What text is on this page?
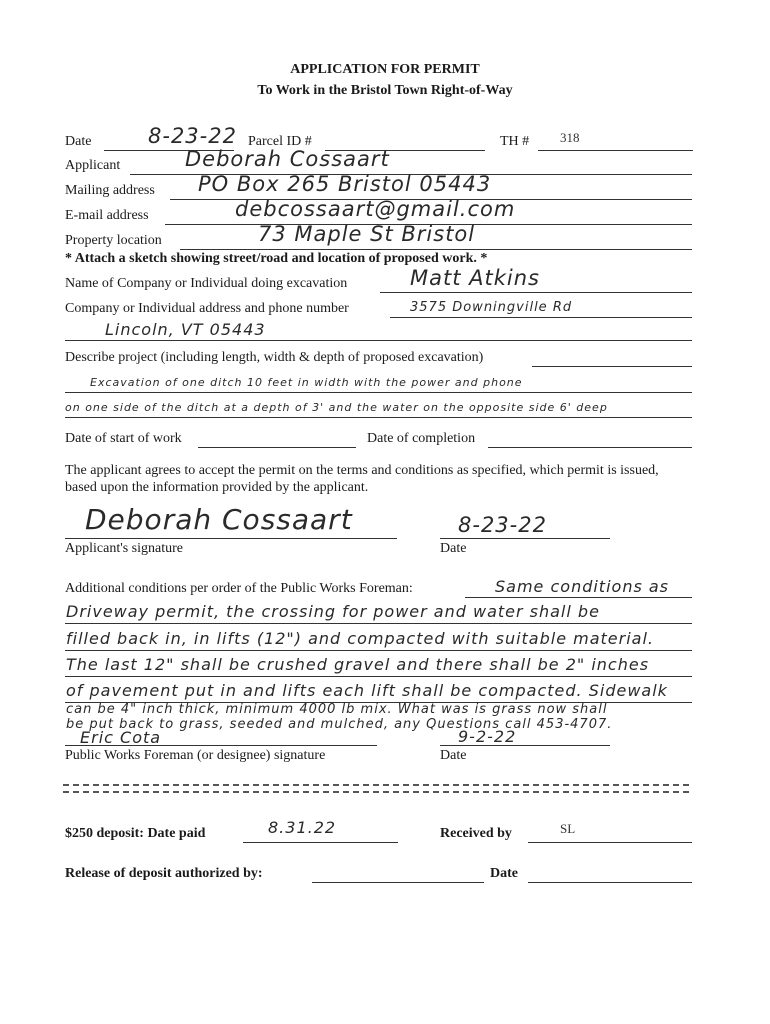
APPLICATION FOR PERMIT
To Work in the Bristol Town Right-of-Way
Date	8-23-22 Parcel ID #	TH # 318
Applicant	Deborah Cossaart
Mailing address PO Box 265 Bristol 05443
E-mail address	debcossaart@gmail.com
Property location	73 Maple St Bristol
* Attach a sketch showing street/road and location of proposed work. *
Name of Company or Individual doing excavation	Matt Atkins
Company or Individual address and phone number	3575 Downingville Rd
Lincoln, VT 05443
Describe project (including length, width & depth of proposed excavation)
Excavation of one ditch 10 feet in width with the power and phone
on one side of the ditch at a depth of 3' and the water on the opposite side 6' deep
Date of start of work	Date of completion
The applicant agrees to accept the permit on the terms and conditions as specified, which permit is issued, based upon the information provided by the applicant.
Deborah Cossaart
Applicant's signature
8-23-22
Date
Additional conditions per order of the Public Works Foreman:	Same conditions as
Driveway permit, the crossing for power and water shall be
filled back in, in lifts (12") and compacted with suitable material.
The last 12" shall be crushed gravel and there shall be 2" inches
of pavement put in and lifts each lift shall be compacted. Sidewalk
can be 4" inch thick, minimum 4000 lb mix. What was is grass now shall
be put back to grass, seeded and mulched, any Questions call 453-4707.
Eric Cota
Public Works Foreman (or designee) signature
9-2-22
Date
$250 deposit: Date paid	8.31.22	Received by	SL
Release of deposit authorized by:	Date
